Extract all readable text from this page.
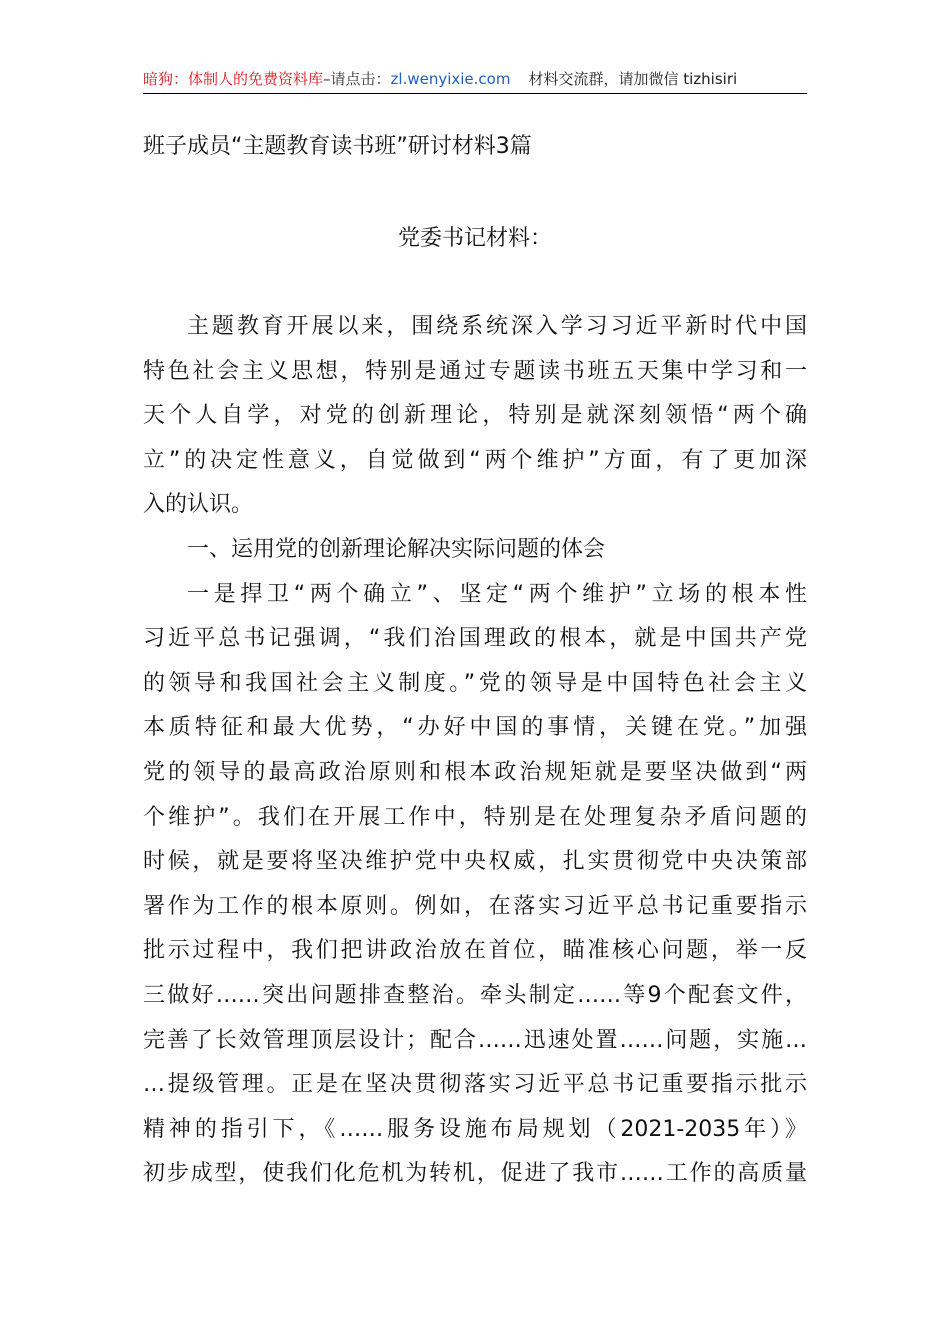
暗狗：体制人的免费资料库–请点击：zl.wenyixie.com 材料交流群，请加微信 tizhisiri
班子成员“主题教育读书班”研讨材料3篇
党委书记材料：
主题教育开展以来，围绕系统深入学习习近平新时代中国
特色社会主义思想，特别是通过专题读书班五天集中学习和一
天个人自学，对党的创新理论，特别是就深刻领悟“两个确
立”的决定性意义，自觉做到“两个维护”方面，有了更加深
入的认识。
一、运用党的创新理论解决实际问题的体会
一是捍卫“两个确立”、坚定“两个维护”立场的根本性
习近平总书记强调，“我们治国理政的根本，就是中国共产党
的领导和我国社会主义制度。”党的领导是中国特色社会主义
本质特征和最大优势，“办好中国的事情，关键在党。”加强
党的领导的最高政治原则和根本政治规矩就是要坚决做到“两
个维护”。我们在开展工作中，特别是在处理复杂矛盾问题的
时候，就是要将坚决维护党中央权威，扎实贯彻党中央决策部
署作为工作的根本原则。例如，在落实习近平总书记重要指示
批示过程中，我们把讲政治放在首位，瞄准核心问题，举一反
三做好……突出问题排查整治。牵头制定……等9个配套文件，
完善了长效管理顶层设计；配合……迅速处置……问题，实施…
…提级管理。正是在坚决贯彻落实习近平总书记重要指示批示
精神的指引下，《……服务设施布局规划（2021-2035年）》
初步成型，使我们化危机为转机，促进了我市……工作的高质量
